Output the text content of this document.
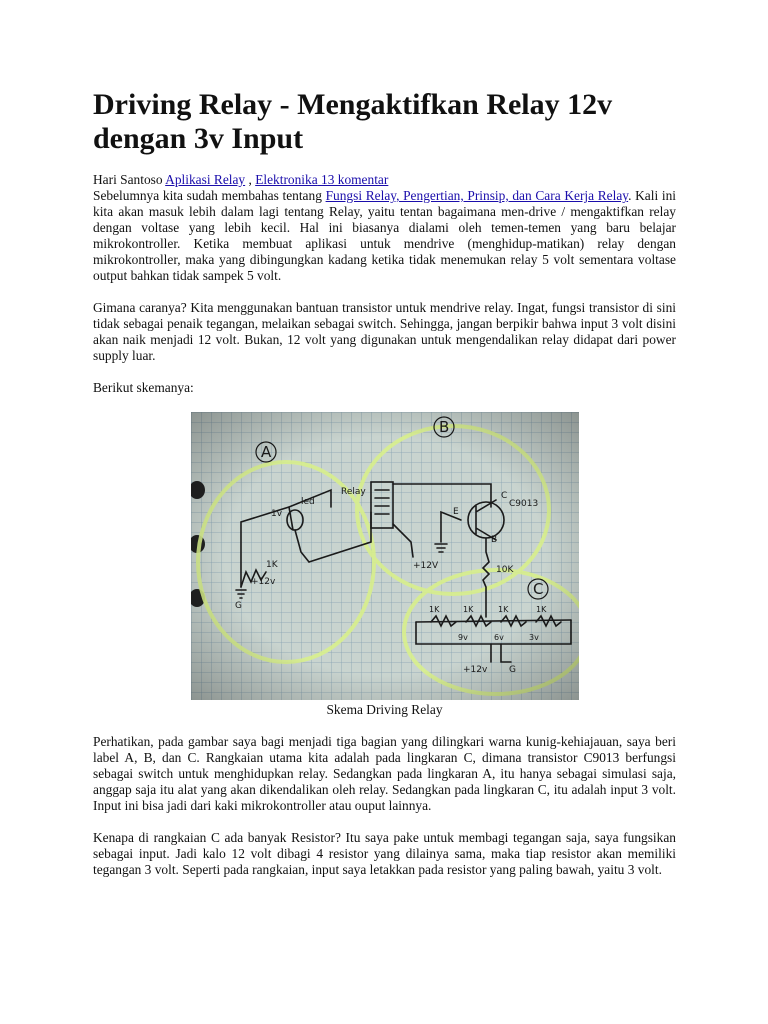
Driving Relay - Mengaktifkan Relay 12v dengan 3v Input

Hari Santoso Aplikasi Relay , Elektronika 13 komentar

Sebelumnya kita sudah membahas tentang Fungsi Relay, Pengertian, Prinsip, dan Cara Kerja Relay. Kali ini kita akan masuk lebih dalam lagi tentang Relay, yaitu tentan bagaimana men-drive / mengaktifkan relay dengan voltase yang lebih kecil. Hal ini biasanya dialami oleh temen-temen yang baru belajar mikrokontroller. Ketika membuat aplikasi untuk mendrive (menghidup-matikan) relay dengan mikrokontroller, maka yang dibingungkan kadang ketika tidak menemukan relay 5 volt sementara voltase output bahkan tidak sampek 5 volt.

Gimana caranya? Kita menggunakan bantuan transistor untuk mendrive relay. Ingat, fungsi transistor di sini tidak sebagai penaik tegangan, melaikan sebagai switch. Sehingga, jangan berpikir bahwa input 3 volt disini akan naik menjadi 12 volt. Bukan, 12 volt yang digunakan untuk mengendalikan relay didapat dari power supply luar.

Berikut skemanya:

Skema Driving Relay

Perhatikan, pada gambar saya bagi menjadi tiga bagian yang dilingkari warna kunig-kehiajauan, saya beri label A, B, dan C. Rangkaian utama kita adalah pada lingkaran C, dimana transistor C9013 berfungsi sebagai switch untuk menghidupkan relay. Sedangkan pada lingkaran A, itu hanya sebagai simulasi saja, anggap saja itu alat yang akan dikendalikan oleh relay. Sedangkan pada lingkaran C, itu adalah input 3 volt. Input ini bisa jadi dari kaki mikrokontroller atau ouput lainnya.

Kenapa di rangkaian C ada banyak Resistor? Itu saya pake untuk membagi tegangan saja, saya fungsikan sebagai input. Jadi kalo 12 volt dibagi 4 resistor yang dilainya sama, maka tiap resistor akan memiliki tegangan 3 volt. Seperti pada rangkaian, input saya letakkan pada resistor yang paling bawah, yaitu 3 volt.
